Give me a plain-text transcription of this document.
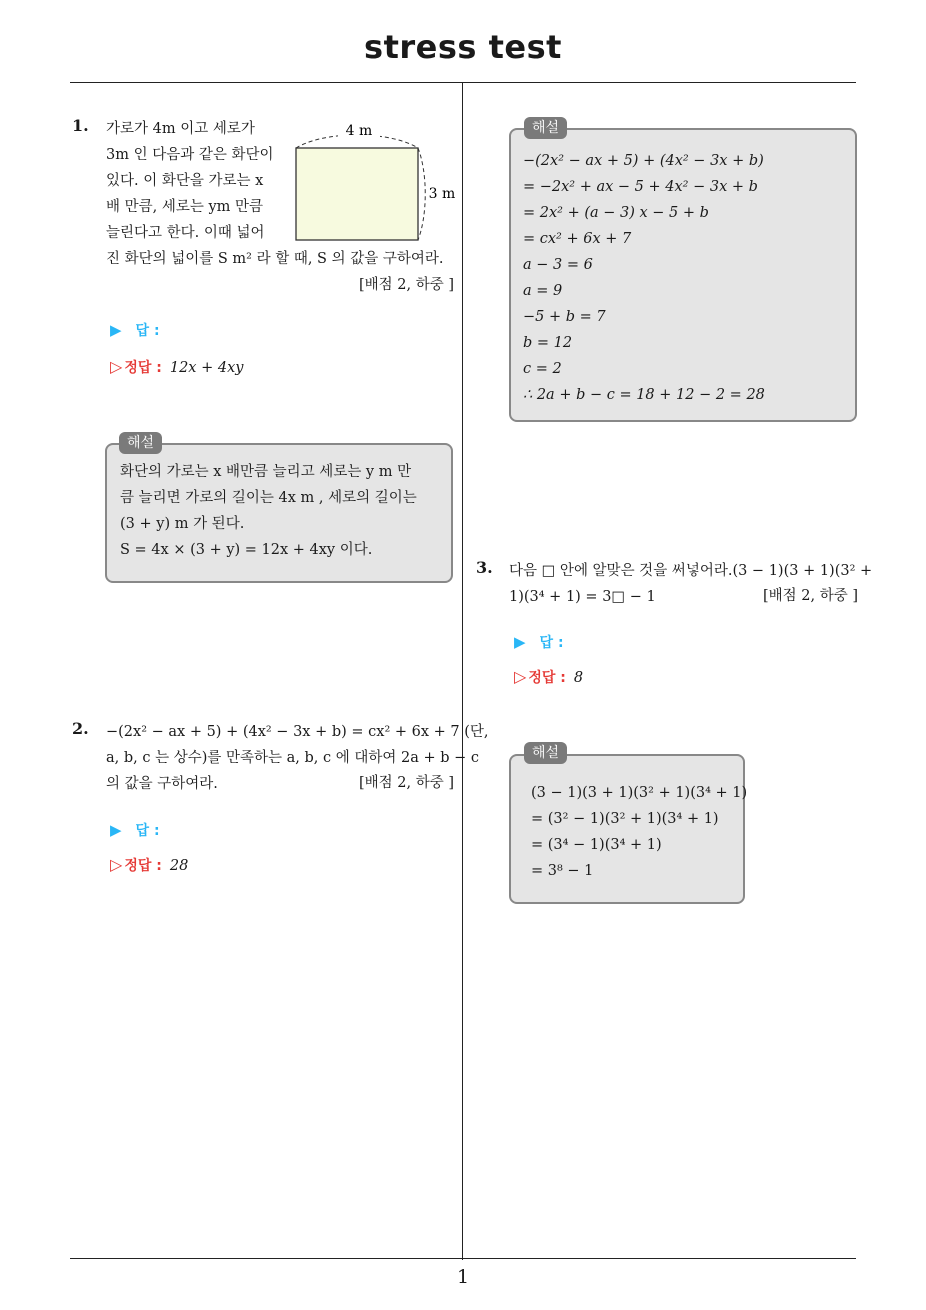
stress test
1
1. 가로가 4m 이고 세로가
3m 인 다음과 같은 화단이
있다. 이 화단을 가로는 x
배 만큼, 세로는 ym 만큼
늘린다고 한다. 이때 넓어
진 화단의 넓이를 S m² 라 할 때, S 의 값을 구하여라.
[배점 2, 하중 ]
4 m
3 m
▶ 답 :
▷ 정답 : 12x + 4xy
화단의 가로는 x 배만큼 늘리고 세로는 y m 만
큼 늘리면 가로의 길이는 4x m , 세로의 길이는
(3 + y) m 가 된다.
S = 4x × (3 + y) = 12x + 4xy 이다.
해설
2. −(2x² − ax + 5) + (4x² − 3x + b) = cx² + 6x + 7 (단,
a, b, c 는 상수)를 만족하는 a, b, c 에 대하여 2a + b − c
의 값을 구하여라.	[배점 2, 하중 ]
▶ 답 :
▷ 정답 : 28
−(2x² − ax + 5) + (4x² − 3x + b)
= −2x² + ax − 5 + 4x² − 3x + b
= 2x² + (a − 3) x − 5 + b
= cx² + 6x + 7
a − 3 = 6
a = 9
−5 + b = 7
b = 12
c = 2
∴ 2a + b − c = 18 + 12 − 2 = 28
해설
3. 다음 □ 안에 알맞은 것을 써넣어라.(3 − 1)(3 + 1)(3² +
1)(3⁴ + 1) = 3□ − 1	[배점 2, 하중 ]
▶ 답 :
▷ 정답 : 8
(3 − 1)(3 + 1)(3² + 1)(3⁴ + 1)
= (3² − 1)(3² + 1)(3⁴ + 1)
= (3⁴ − 1)(3⁴ + 1)
= 3⁸ − 1
해설
